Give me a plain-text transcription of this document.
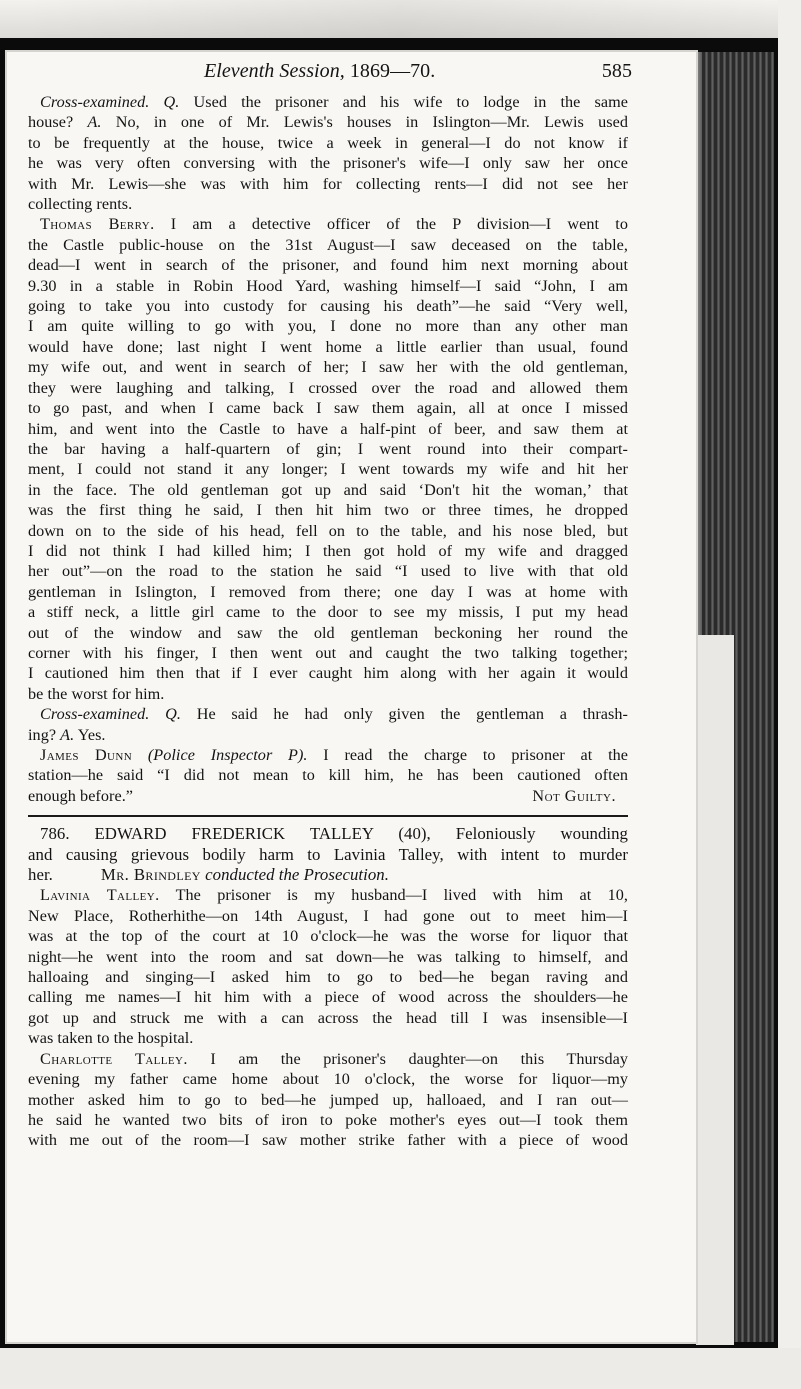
Eleventh Session, 1869—70.	585

Cross-examined. Q. Used the prisoner and his wife to lodge in the same

house? A. No, in one of Mr. Lewis's houses in Islington—Mr. Lewis used

to be frequently at the house, twice a week in general—I do not know if

he was very often conversing with the prisoner's wife—I only saw her once

with Mr. Lewis—she was with him for collecting rents—I did not see her

collecting rents.

Thomas Berry. I am a detective officer of the P division—I went to

the Castle public-house on the 31st August—I saw deceased on the table,

dead—I went in search of the prisoner, and found him next morning about

9.30 in a stable in Robin Hood Yard, washing himself—I said “John, I am

going to take you into custody for causing his death”—he said “Very well,

I am quite willing to go with you, I done no more than any other man

would have done; last night I went home a little earlier than usual, found

my wife out, and went in search of her; I saw her with the old gentleman,

they were laughing and talking, I crossed over the road and allowed them

to go past, and when I came back I saw them again, all at once I missed

him, and went into the Castle to have a half-pint of beer, and saw them at

the bar having a half-quartern of gin; I went round into their compart-

ment, I could not stand it any longer; I went towards my wife and hit her

in the face. The old gentleman got up and said ‘Don't hit the woman,’ that

was the first thing he said, I then hit him two or three times, he dropped

down on to the side of his head, fell on to the table, and his nose bled, but

I did not think I had killed him; I then got hold of my wife and dragged

her out”—on the road to the station he said “I used to live with that old

gentleman in Islington, I removed from there; one day I was at home with

a stiff neck, a little girl came to the door to see my missis, I put my head

out of the window and saw the old gentleman beckoning her round the

corner with his finger, I then went out and caught the two talking together;

I cautioned him then that if I ever caught him along with her again it would

be the worst for him.

Cross-examined. Q. He said he had only given the gentleman a thrash-

ing? A. Yes.

James Dunn (Police Inspector P). I read the charge to prisoner at the

station—he said “I did not mean to kill him, he has been cautioned often

enough before.”	Not Guilty.

786. EDWARD FREDERICK TALLEY (40), Feloniously wounding

and causing grievous bodily harm to Lavinia Talley, with intent to murder

her.	Mr. Brindley conducted the Prosecution.

Lavinia Talley. The prisoner is my husband—I lived with him at 10,

New Place, Rotherhithe—on 14th August, I had gone out to meet him—I

was at the top of the court at 10 o'clock—he was the worse for liquor that

night—he went into the room and sat down—he was talking to himself, and

halloaing and singing—I asked him to go to bed—he began raving and

calling me names—I hit him with a piece of wood across the shoulders—he

got up and struck me with a can across the head till I was insensible—I

was taken to the hospital.

Charlotte Talley. I am the prisoner's daughter—on this Thursday

evening my father came home about 10 o'clock, the worse for liquor—my

mother asked him to go to bed—he jumped up, halloaed, and I ran out—

he said he wanted two bits of iron to poke mother's eyes out—I took them

with me out of the room—I saw mother strike father with a piece of wood
